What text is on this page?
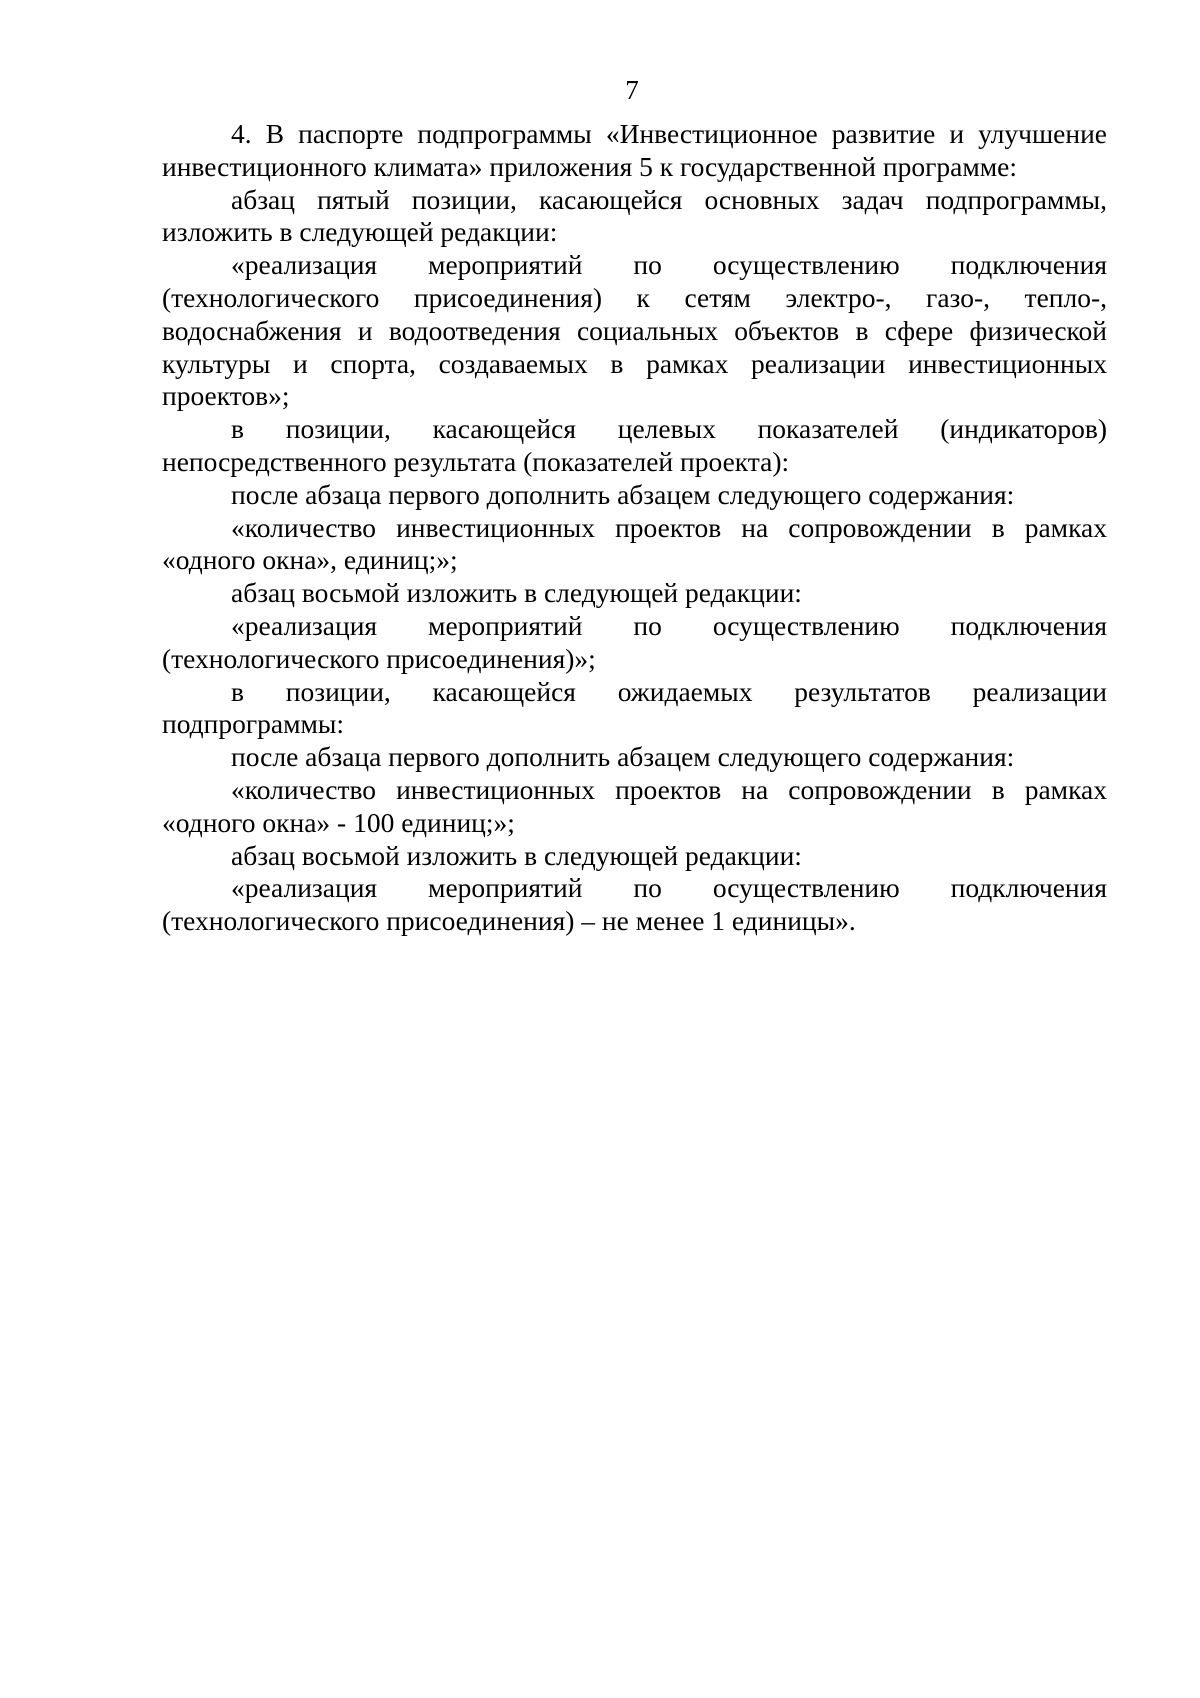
7

4. В паспорте подпрограммы «Инвестиционное развитие и улучшение инвестиционного климата» приложения 5 к государственной программе:

абзац пятый позиции, касающейся основных задач подпрограммы, изложить в следующей редакции:

«реализация мероприятий по осуществлению подключения (технологического присоединения) к сетям электро-, газо-, тепло-, водоснабжения и водоотведения социальных объектов в сфере физической культуры и спорта, создаваемых в рамках реализации инвестиционных проектов»;

в позиции, касающейся целевых показателей (индикаторов) непосредственного результата (показателей проекта):

после абзаца первого дополнить абзацем следующего содержания:

«количество инвестиционных проектов на сопровождении в рамках «одного окна», единиц;»;

абзац восьмой изложить в следующей редакции:

«реализация мероприятий по осуществлению подключения (технологического присоединения)»;

в позиции, касающейся ожидаемых результатов реализации подпрограммы:

после абзаца первого дополнить абзацем следующего содержания:

«количество инвестиционных проектов на сопровождении в рамках «одного окна» - 100 единиц;»;

абзац восьмой изложить в следующей редакции:

«реализация мероприятий по осуществлению подключения (технологического присоединения) – не менее 1 единицы».
